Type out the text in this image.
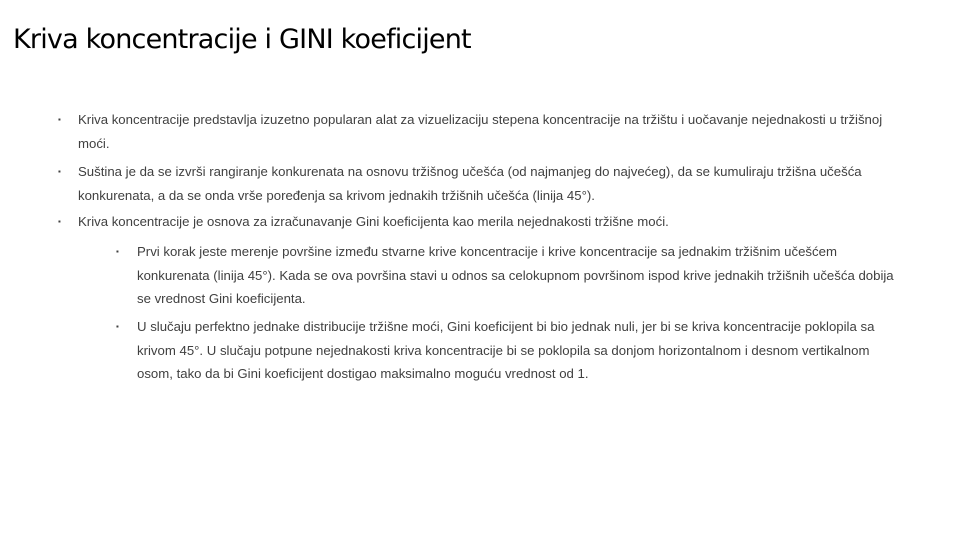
Kriva koncentracije i GINI koeficijent
▪ Kriva koncentracije predstavlja izuzetno popularan alat za vizuelizaciju stepena koncentracije na tržištu i uočavanje nejednakosti u tržišnoj moći.
▪ Suština je da se izvrši rangiranje konkurenata na osnovu tržišnog učešća (od najmanjeg do najvećeg), da se kumuliraju tržišna učešća konkurenata, a da se onda vrše poređenja sa krivom jednakih tržišnih učešća (linija 45°).
▪ Kriva koncentracije je osnova za izračunavanje Gini koeficijenta kao merila nejednakosti tržišne moći.
▪ Prvi korak jeste merenje površine između stvarne krive koncentracije i krive koncentracije sa jednakim tržišnim učešćem konkurenata (linija 45°). Kada se ova površina stavi u odnos sa celokupnom površinom ispod krive jednakih tržišnih učešća dobija se vrednost Gini koeficijenta.
▪ U slučaju perfektno jednake distribucije tržišne moći, Gini koeficijent bi bio jednak nuli, jer bi se kriva koncentracije poklopila sa krivom 45°. U slučaju potpune nejednakosti kriva koncentracije bi se poklopila sa donjom horizontalnom i desnom vertikalnom osom, tako da bi Gini koeficijent dostigao maksimalno moguću vrednost od 1.
